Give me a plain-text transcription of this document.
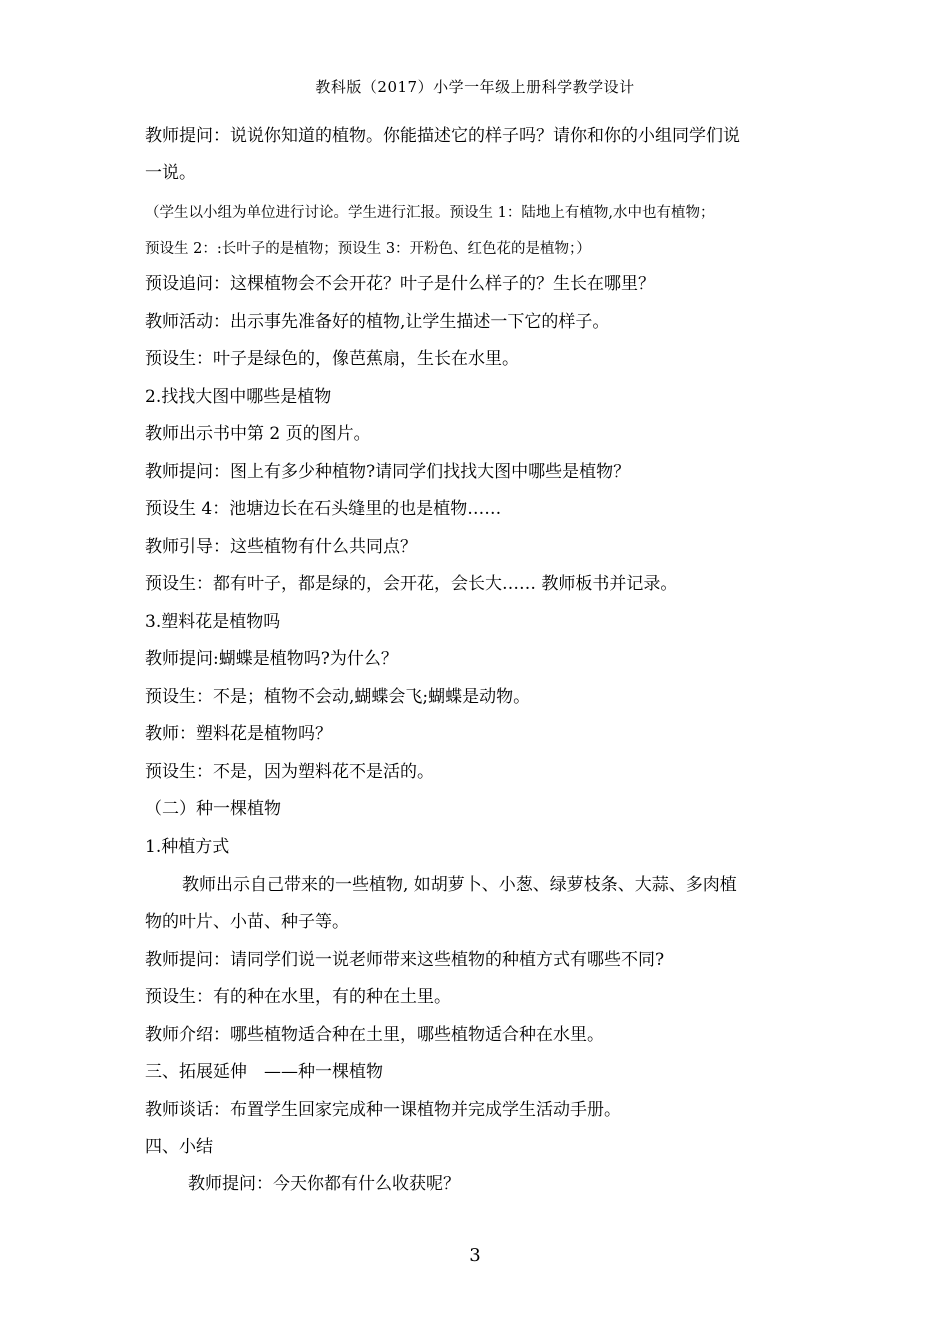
教科版（2017）小学一年级上册科学教学设计
教师提问：说说你知道的植物。你能描述它的样子吗？请你和你的小组同学们说
一说。
（学生以小组为单位进行讨论。学生进行汇报。预设生 1：陆地上有植物,水中也有植物；
预设生 2：:长叶子的是植物；预设生 3：开粉色、红色花的是植物；）
预设追问：这棵植物会不会开花？叶子是什么样子的？生长在哪里？
教师活动：出示事先准备好的植物,让学生描述一下它的样子。
预设生：叶子是绿色的，像芭蕉扇，生长在水里。
2.找找大图中哪些是植物
教师出示书中第 2 页的图片。
教师提问：图上有多少种植物?请同学们找找大图中哪些是植物？
预设生 4：池塘边长在石头缝里的也是植物……
教师引导：这些植物有什么共同点？
预设生：都有叶子，都是绿的，会开花，会长大…… 教师板书并记录。
3.塑料花是植物吗
教师提问:蝴蝶是植物吗?为什么？
预设生：不是；植物不会动,蝴蝶会飞;蝴蝶是动物。
教师：塑料花是植物吗？
预设生：不是，因为塑料花不是活的。
（二）种一棵植物
1.种植方式
教师出示自己带来的一些植物, 如胡萝卜、小葱、绿萝枝条、大蒜、多肉植
物的叶片、小苗、种子等。
教师提问：请同学们说一说老师带来这些植物的种植方式有哪些不同?
预设生：有的种在水里，有的种在土里。
教师介绍：哪些植物适合种在土里，哪些植物适合种在水里。
三、拓展延伸　——种一棵植物
教师谈话：布置学生回家完成种一课植物并完成学生活动手册。
四、小结
教师提问：今天你都有什么收获呢？
3
